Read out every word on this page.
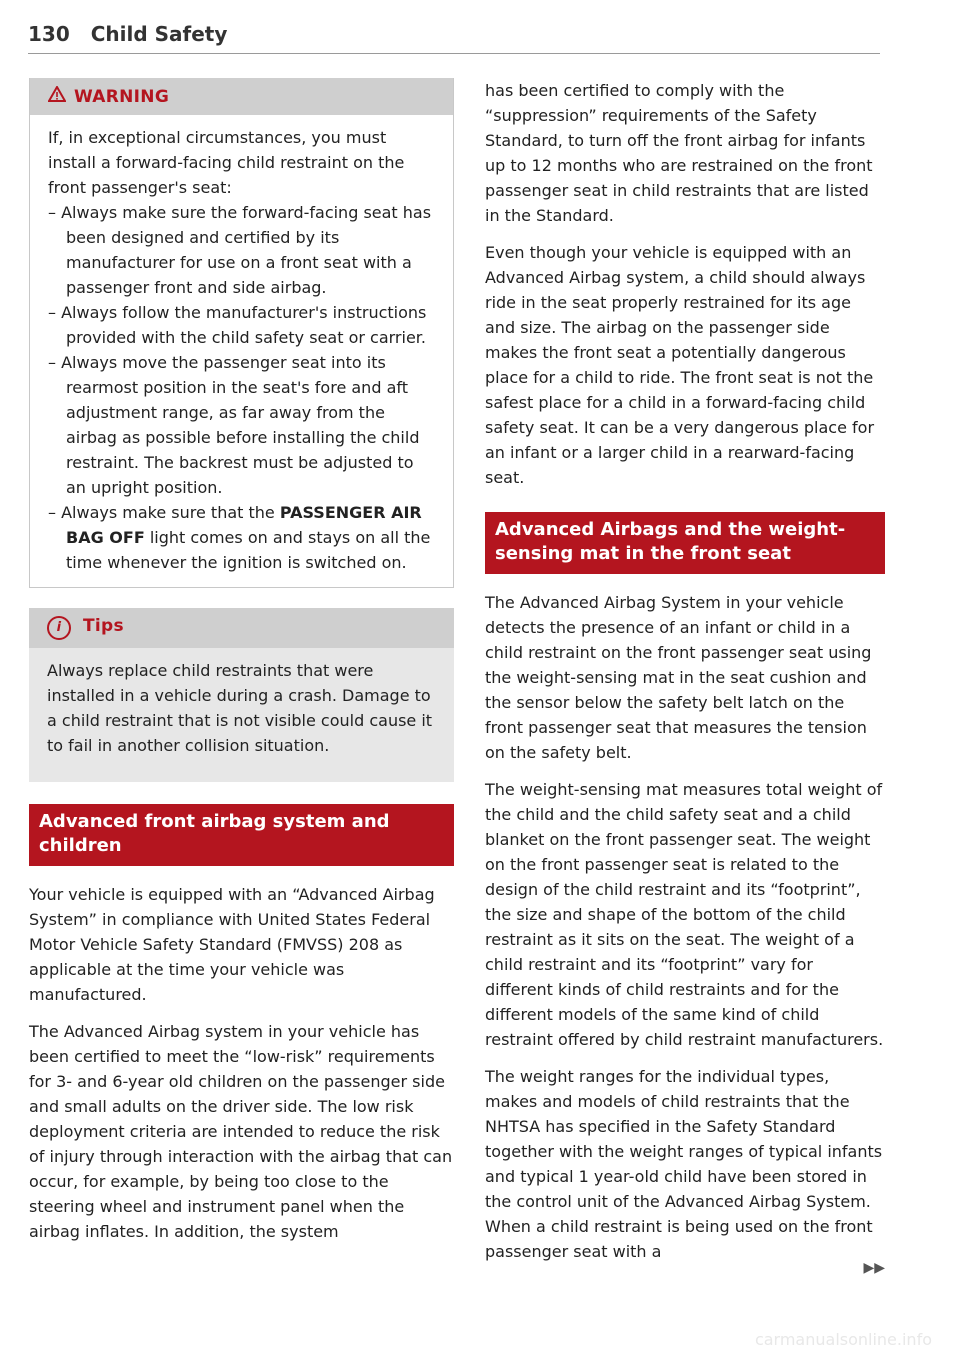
130 Child Safety
WARNING

If, in exceptional circumstances, you must install a forward-facing child restraint on the front passenger's seat:

– Always make sure the forward-facing seat has been designed and certified by its manufacturer for use on a front seat with a passenger front and side airbag.
– Always follow the manufacturer's instructions provided with the child safety seat or carrier.
– Always move the passenger seat into its rearmost position in the seat's fore and aft adjustment range, as far away from the airbag as possible before installing the child restraint. The backrest must be adjusted to an upright position.
– Always make sure that the PASSENGER AIR BAG OFF light comes on and stays on all the time whenever the ignition is switched on.
i Tips

Always replace child restraints that were installed in a vehicle during a crash. Damage to a child restraint that is not visible could cause it to fail in another collision situation.

Advanced front airbag system and children

Your vehicle is equipped with an “Advanced Airbag System” in compliance with United States Federal Motor Vehicle Safety Standard (FMVSS) 208 as applicable at the time your vehicle was manufactured.

The Advanced Airbag system in your vehicle has been certified to meet the “low-risk” requirements for 3- and 6-year old children on the passenger side and small adults on the driver side. The low risk deployment criteria are intended to reduce the risk of injury through interaction with the airbag that can occur, for example, by being too close to the steering wheel and instrument panel when the airbag inflates. In addition, the system

has been certified to comply with the “suppression” requirements of the Safety Standard, to turn off the front airbag for infants up to 12 months who are restrained on the front passenger seat in child restraints that are listed in the Standard.

Even though your vehicle is equipped with an Advanced Airbag system, a child should always ride in the seat properly restrained for its age and size. The airbag on the passenger side makes the front seat a potentially dangerous place for a child to ride. The front seat is not the safest place for a child in a forward-facing child safety seat. It can be a very dangerous place for an infant or a larger child in a rearward-facing seat.

Advanced Airbags and the weight-sensing mat in the front seat

The Advanced Airbag System in your vehicle detects the presence of an infant or child in a child restraint on the front passenger seat using the weight-sensing mat in the seat cushion and the sensor below the safety belt latch on the front passenger seat that measures the tension on the safety belt.

The weight-sensing mat measures total weight of the child and the child safety seat and a child blanket on the front passenger seat. The weight on the front passenger seat is related to the design of the child restraint and its “footprint”, the size and shape of the bottom of the child restraint as it sits on the seat. The weight of a child restraint and its “footprint” vary for different kinds of child restraints and for the different models of the same kind of child restraint offered by child restraint manufacturers.

The weight ranges for the individual types, makes and models of child restraints that the NHTSA has specified in the Safety Standard together with the weight ranges of typical infants and typical 1 year-old child have been stored in the control unit of the Advanced Airbag System. When a child restraint is being used on the front passenger seat with a

▶▶
carmanualsonline.info
